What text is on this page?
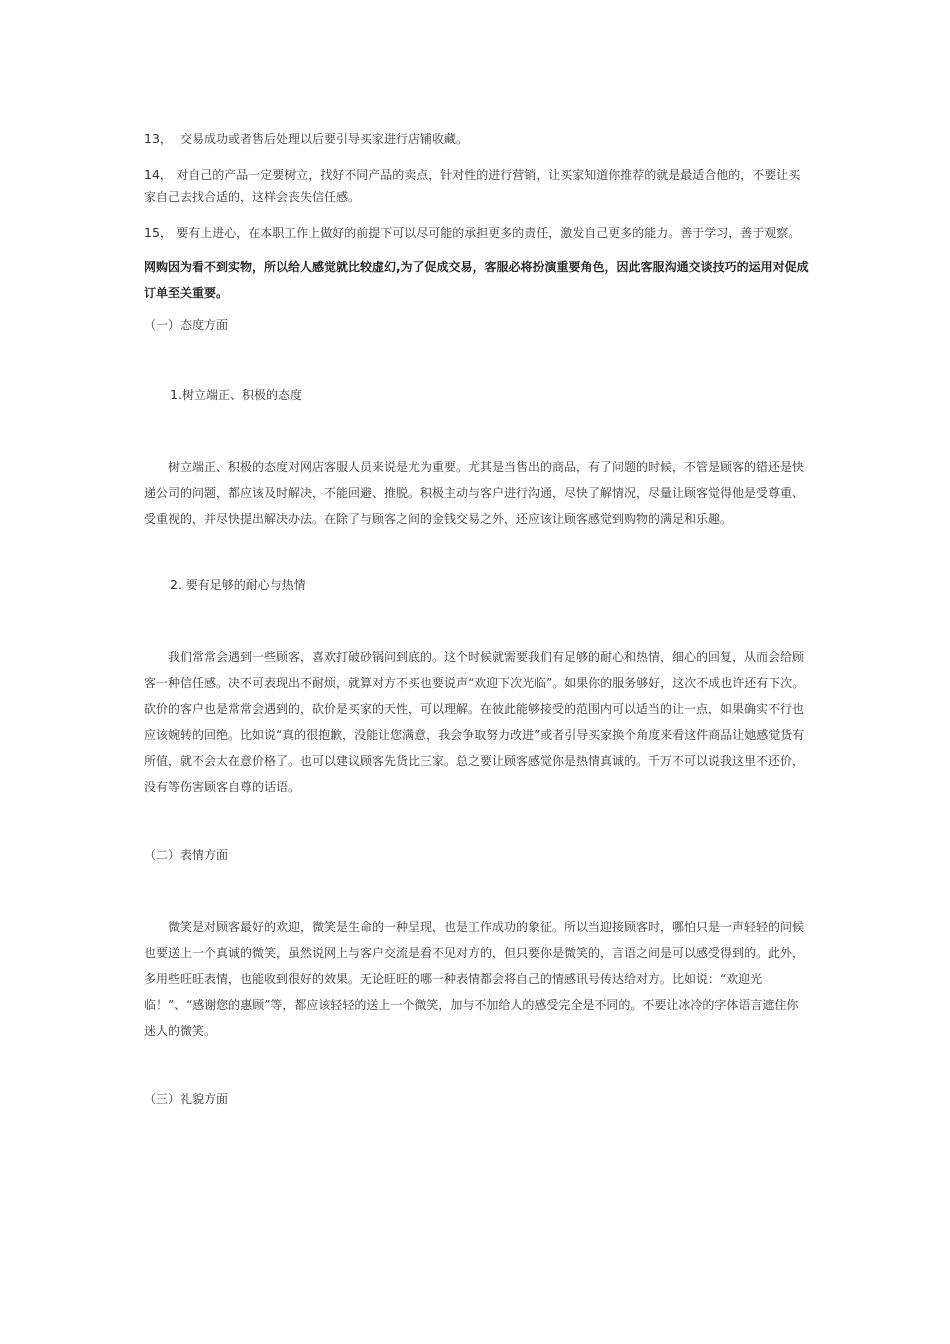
13， 交易成功或者售后处理以后要引导买家进行店铺收藏。

14， 对自己的产品一定要树立，找好不同产品的卖点，针对性的进行营销，让买家知道你推荐的就是最适合他的，不要让买家自己去找合适的，这样会丧失信任感。

15， 要有上进心，在本职工作上做好的前提下可以尽可能的承担更多的责任，激发自己更多的能力。善于学习，善于观察。

网购因为看不到实物，所以给人感觉就比较虚幻,为了促成交易，客服必将扮演重要角色，因此客服沟通交谈技巧的运用对促成订单至关重要。

（一）态度方面

1.树立端正、积极的态度

树立端正、积极的态度对网店客服人员来说是尤为重要。尤其是当售出的商品，有了问题的时候，不管是顾客的错还是快递公司的问题，都应该及时解决，不能回避、推脱。积极主动与客户进行沟通，尽快了解情况，尽量让顾客觉得他是受尊重、受重视的，并尽快提出解决办法。在除了与顾客之间的金钱交易之外，还应该让顾客感觉到购物的满足和乐趣。

2. 要有足够的耐心与热情

我们常常会遇到一些顾客，喜欢打破砂锅问到底的。这个时候就需要我们有足够的耐心和热情，细心的回复，从而会给顾客一种信任感。决不可表现出不耐烦，就算对方不买也要说声“欢迎下次光临”。如果你的服务够好，这次不成也许还有下次。砍价的客户也是常常会遇到的，砍价是买家的天性，可以理解。在彼此能够接受的范围内可以适当的让一点，如果确实不行也应该婉转的回绝。比如说“真的很抱歉，没能让您满意，我会争取努力改进”或者引导买家换个角度来看这件商品让她感觉货有所值，就不会太在意价格了。也可以建议顾客先货比三家。总之要让顾客感觉你是热情真诚的。千万不可以说我这里不还价，没有等伤害顾客自尊的话语。

（二）表情方面

微笑是对顾客最好的欢迎，微笑是生命的一种呈现，也是工作成功的象征。所以当迎接顾客时，哪怕只是一声轻轻的问候也要送上一个真诚的微笑，虽然说网上与客户交流是看不见对方的，但只要你是微笑的，言语之间是可以感受得到的。此外，多用些旺旺表情，也能收到很好的效果。无论旺旺的哪一种表情都会将自己的情感讯号传达给对方。比如说：“欢迎光临！”、“感谢您的惠顾”等，都应该轻轻的送上一个微笑，加与不加给人的感受完全是不同的。不要让冰冷的字体语言遮住你迷人的微笑。

（三）礼貌方面
